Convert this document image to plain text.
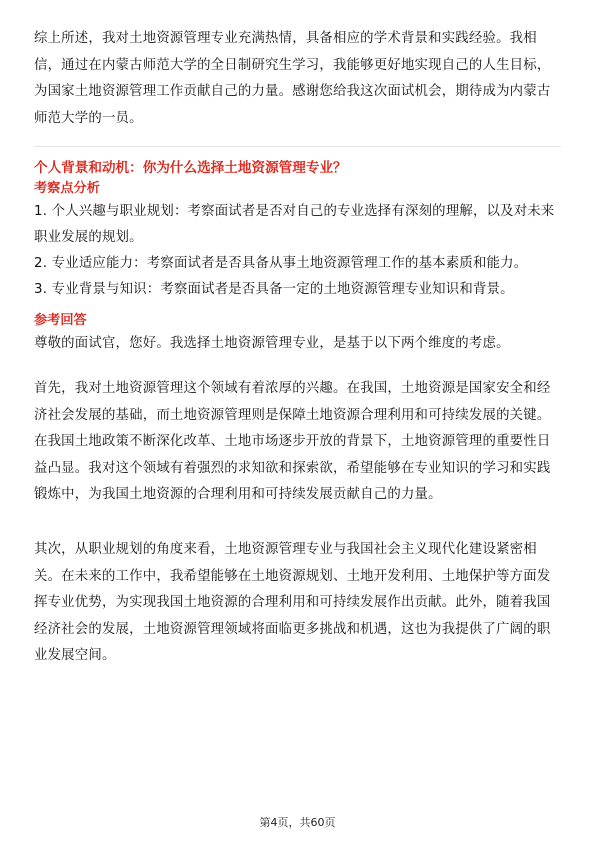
综上所述，我对土地资源管理专业充满热情，具备相应的学术背景和实践经验。我相信，通过在内蒙古师范大学的全日制研究生学习，我能够更好地实现自己的人生目标，为国家土地资源管理工作贡献自己的力量。感谢您给我这次面试机会，期待成为内蒙古师范大学的一员。

个人背景和动机：你为什么选择土地资源管理专业？

考察点分析

1. 个人兴趣与职业规划：考察面试者是否对自己的专业选择有深刻的理解，以及对未来职业发展的规划。

2. 专业适应能力：考察面试者是否具备从事土地资源管理工作的基本素质和能力。

3. 专业背景与知识：考察面试者是否具备一定的土地资源管理专业知识和背景。

参考回答

尊敬的面试官，您好。我选择土地资源管理专业，是基于以下两个维度的考虑。

首先，我对土地资源管理这个领域有着浓厚的兴趣。在我国，土地资源是国家安全和经济社会发展的基础，而土地资源管理则是保障土地资源合理利用和可持续发展的关键。在我国土地政策不断深化改革、土地市场逐步开放的背景下，土地资源管理的重要性日益凸显。我对这个领域有着强烈的求知欲和探索欲，希望能够在专业知识的学习和实践锻炼中，为我国土地资源的合理利用和可持续发展贡献自己的力量。

其次，从职业规划的角度来看，土地资源管理专业与我国社会主义现代化建设紧密相关。在未来的工作中，我希望能够在土地资源规划、土地开发利用、土地保护等方面发挥专业优势，为实现我国土地资源的合理利用和可持续发展作出贡献。此外，随着我国经济社会的发展，土地资源管理领域将面临更多挑战和机遇，这也为我提供了广阔的职业发展空间。

第4页，共60页
